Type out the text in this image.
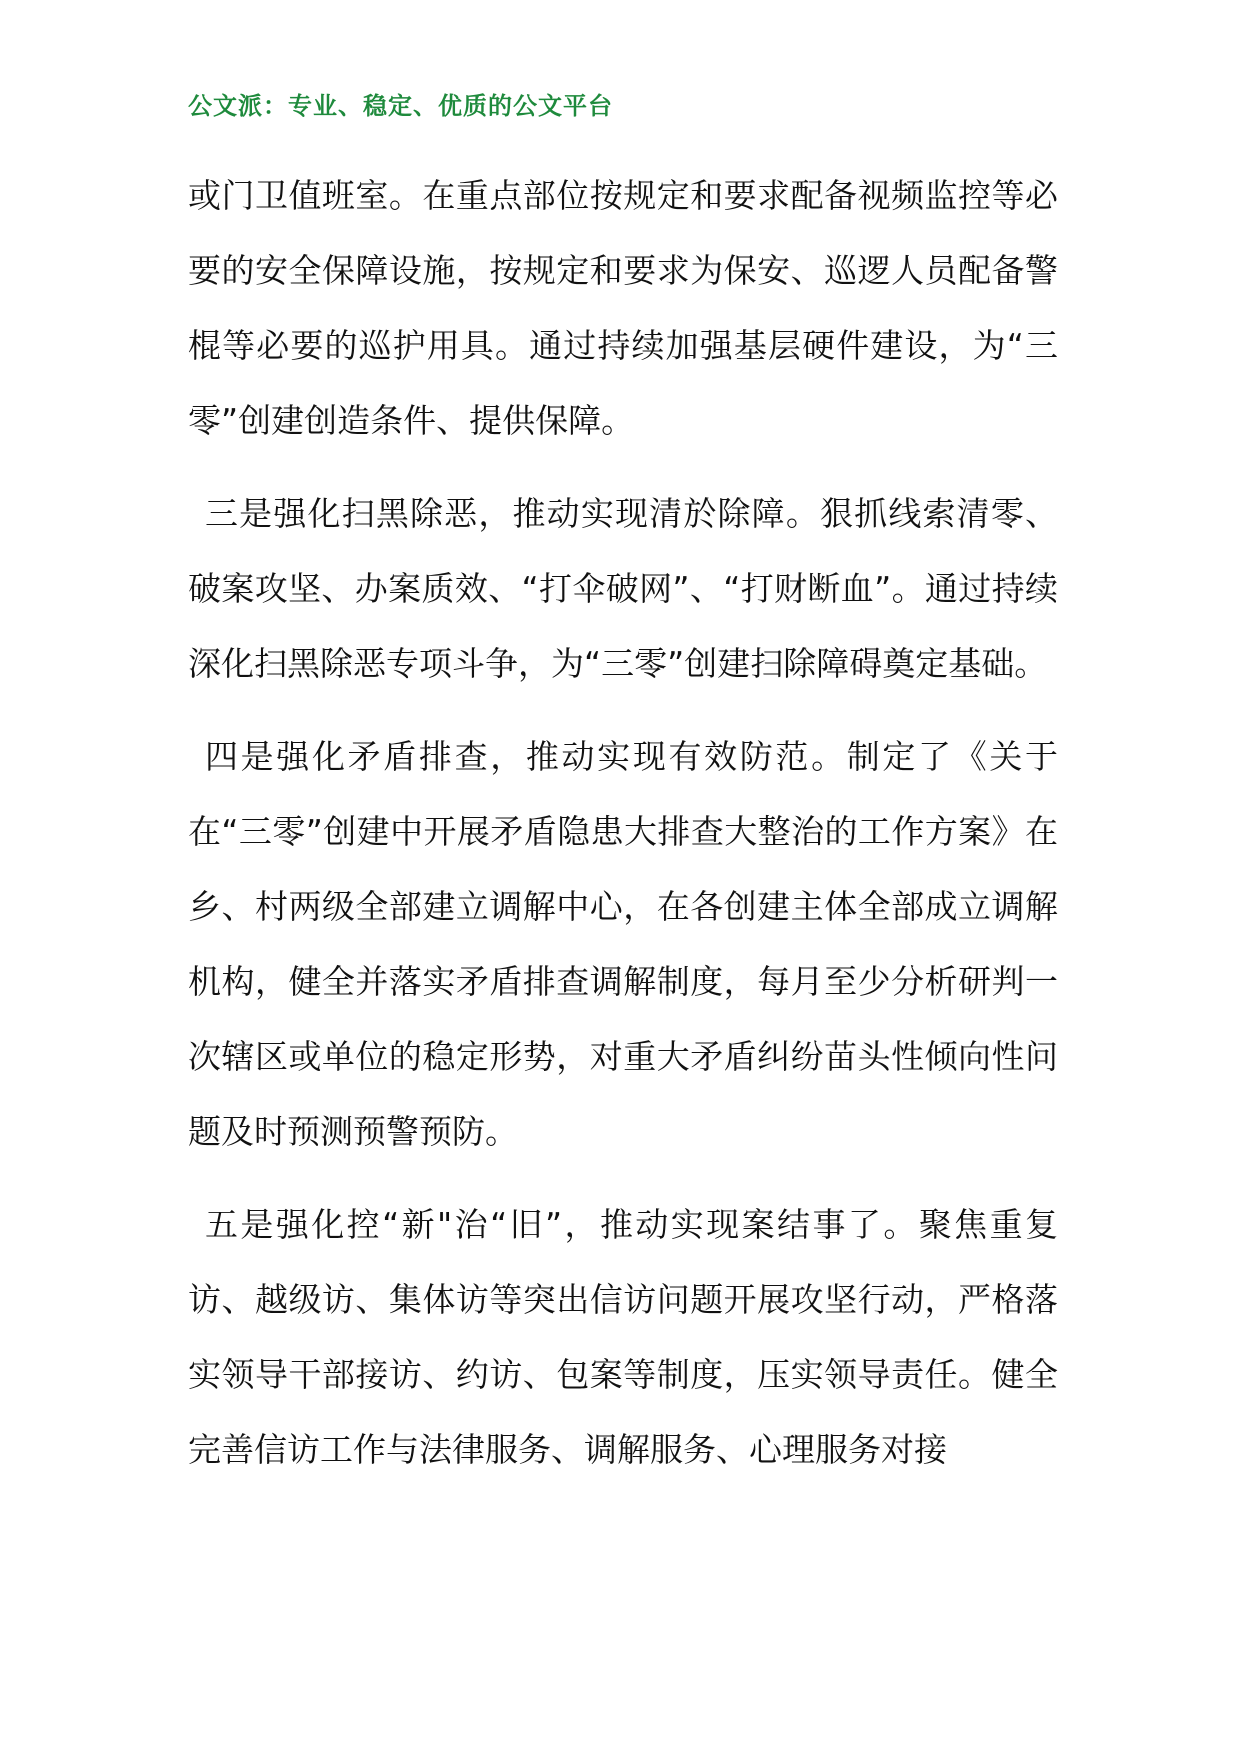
公文派：专业、稳定、优质的公文平台

或门卫值班室。在重点部位按规定和要求配备视频监控等必要的安全保障设施，按规定和要求为保安、巡逻人员配备警棍等必要的巡护用具。通过持续加强基层硬件建设，为“三零”创建创造条件、提供保障。

三是强化扫黑除恶，推动实现清於除障。狠抓线索清零、破案攻坚、办案质效、“打伞破网”、“打财断血”。通过持续深化扫黑除恶专项斗争，为“三零”创建扫除障碍奠定基础。

四是强化矛盾排查，推动实现有效防范。制定了《关于在“三零”创建中开展矛盾隐患大排查大整治的工作方案》在乡、村两级全部建立调解中心，在各创建主体全部成立调解机构，健全并落实矛盾排查调解制度，每月至少分析研判一次辖区或单位的稳定形势，对重大矛盾纠纷苗头性倾向性问题及时预测预警预防。

五是强化控“新"治“旧”，推动实现案结事了。聚焦重复访、越级访、集体访等突出信访问题开展攻坚行动，严格落实领导干部接访、约访、包案等制度，压实领导责任。健全完善信访工作与法律服务、调解服务、心理服务对接
